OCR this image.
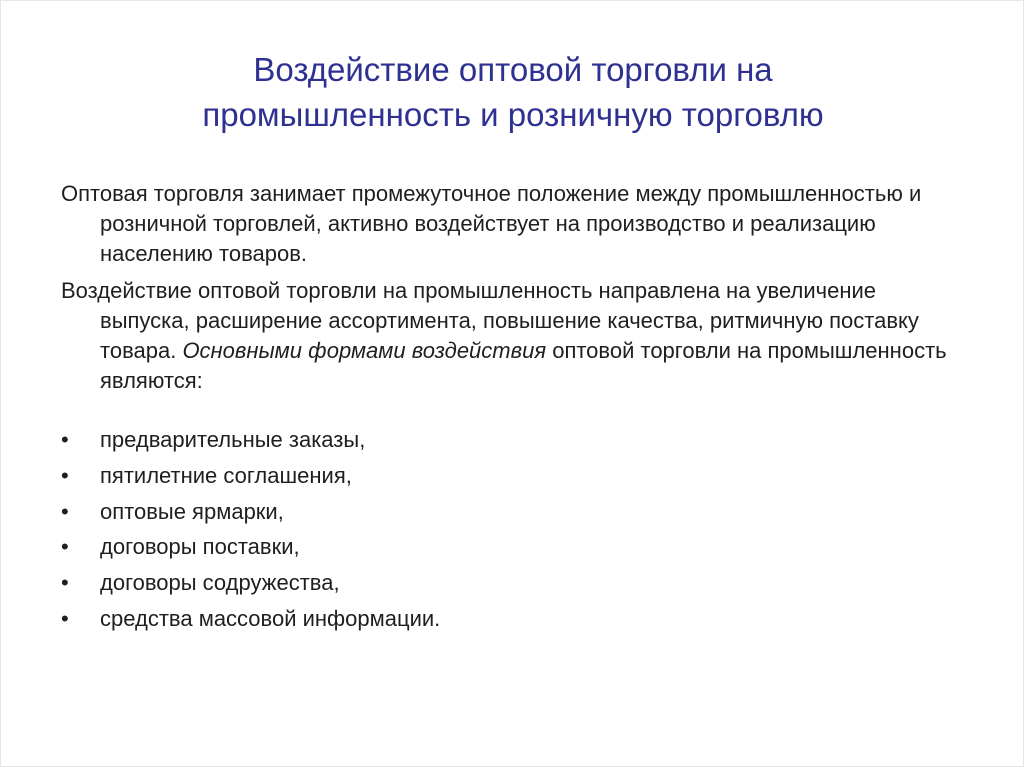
Воздействие оптовой торговли на
промышленность и розничную торговлю

Оптовая торговля занимает промежуточное положение между промышленностью и розничной торговлей, активно воздействует на производство и реализацию населению товаров.

Воздействие оптовой торговли на промышленность направлена на увеличение выпуска, расширение ассортимента, повышение качества, ритмичную поставку товара. Основными формами воздействия оптовой торговли на промышленность являются:

• предварительные заказы,
• пятилетние соглашения,
• оптовые ярмарки,
• договоры поставки,
• договоры содружества,
• средства массовой информации.
